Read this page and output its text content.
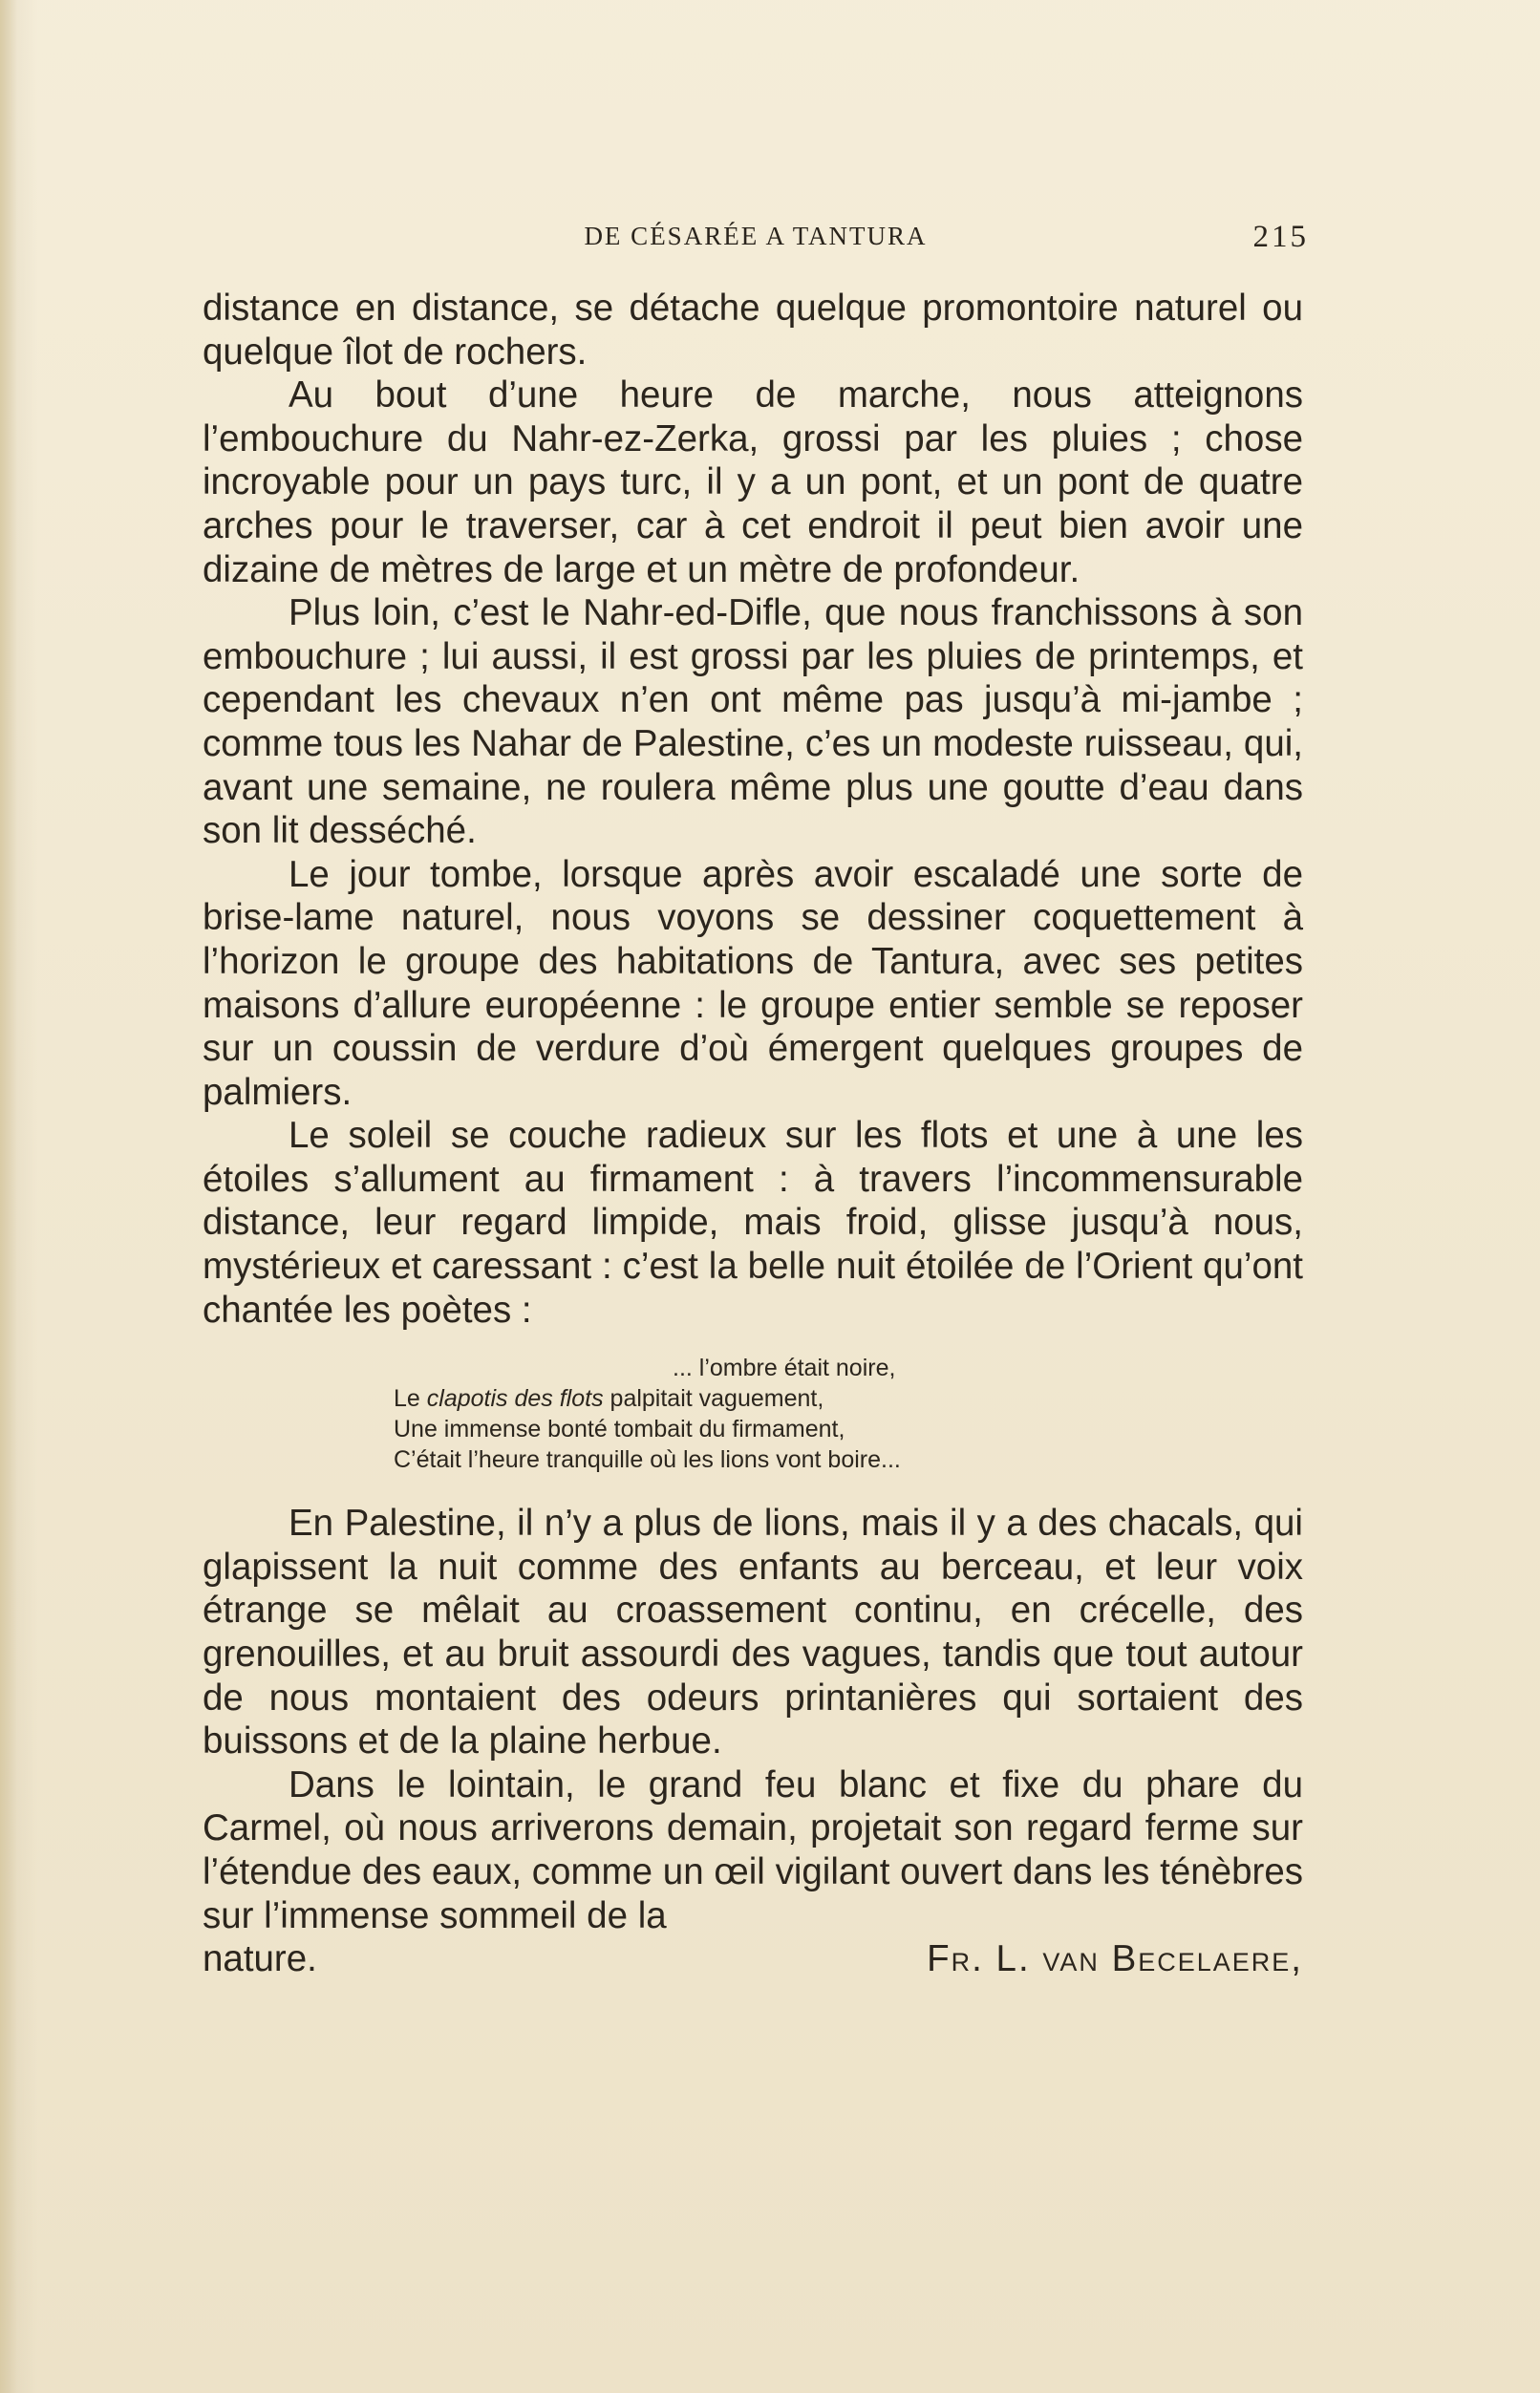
DE CÉSARÉE A TANTURA	215

distance en distance, se détache quelque promontoire naturel ou quelque îlot de rochers.

Au bout d’une heure de marche, nous atteignons l’embouchure du Nahr-ez-Zerka, grossi par les pluies ; chose incroyable pour un pays turc, il y a un pont, et un pont de quatre arches pour le traverser, car à cet endroit il peut bien avoir une dizaine de mètres de large et un mètre de profondeur.

Plus loin, c’est le Nahr-ed-Difle, que nous franchissons à son embouchure ; lui aussi, il est grossi par les pluies de printemps, et cependant les chevaux n’en ont même pas jusqu’à mi-jambe ; comme tous les Nahar de Palestine, c’es un modeste ruisseau, qui, avant une semaine, ne roulera même plus une goutte d’eau dans son lit desséché.

Le jour tombe, lorsque après avoir escaladé une sorte de brise-lame naturel, nous voyons se dessiner coquettement à l’horizon le groupe des habitations de Tantura, avec ses petites maisons d’allure européenne : le groupe entier semble se reposer sur un coussin de verdure d’où émergent quelques groupes de palmiers.

Le soleil se couche radieux sur les flots et une à une les étoiles s’allument au firmament : à travers l’incommensurable distance, leur regard limpide, mais froid, glisse jusqu’à nous, mystérieux et caressant : c’est la belle nuit étoilée de l’Orient qu’ont chantée les poètes :

... l’ombre était noire,
Le clapotis des flots palpitait vaguement,
Une immense bonté tombait du firmament,
C’était l’heure tranquille où les lions vont boire...

En Palestine, il n’y a plus de lions, mais il y a des chacals, qui glapissent la nuit comme des enfants au berceau, et leur voix étrange se mêlait au croassement continu, en crécelle, des grenouilles, et au bruit assourdi des vagues, tandis que tout autour de nous montaient des odeurs printanières qui sortaient des buissons et de la plaine herbue.

Dans le lointain, le grand feu blanc et fixe du phare du Carmel, où nous arriverons demain, projetait son regard ferme sur l’étendue des eaux, comme un œil vigilant ouvert dans les ténèbres sur l’immense sommeil de la

nature.	Fr. L. van Becelaere,
